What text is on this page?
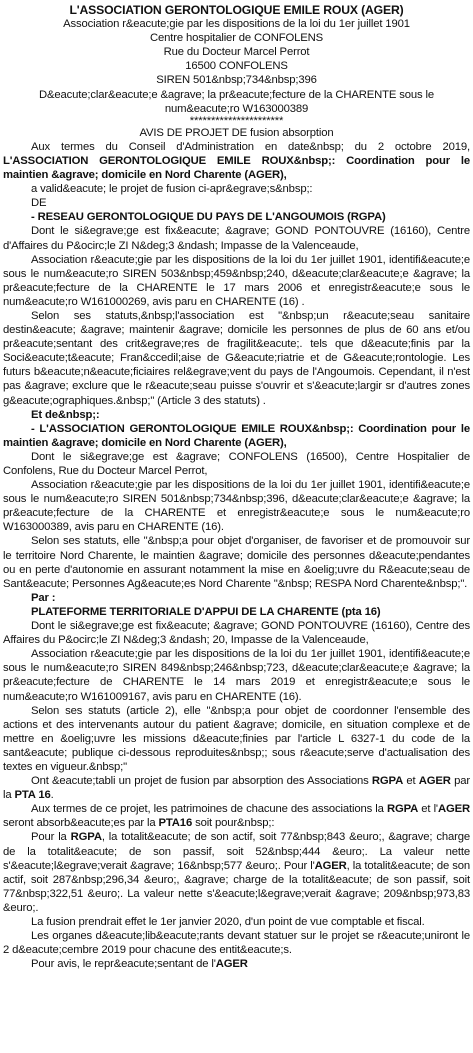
L'ASSOCIATION GERONTOLOGIQUE EMILE ROUX (AGER)

Association r&eacute;gie par les dispositions de la loi du 1er juillet 1901

Centre hospitalier de CONFOLENS

Rue du Docteur Marcel Perrot

16500 CONFOLENS

SIREN 501&nbsp;734&nbsp;396

D&eacute;clar&eacute;e &agrave; la pr&eacute;fecture de la CHARENTE sous le num&eacute;ro W163000389

**********************

AVIS DE PROJET DE fusion absorption

Aux termes du Conseil d'Administration en date&nbsp; du 2 octobre 2019, L'ASSOCIATION GERONTOLOGIQUE EMILE ROUX&nbsp;: Coordination pour le maintien &agrave; domicile en Nord Charente (AGER),

a valid&eacute; le projet de fusion ci-apr&egrave;s&nbsp;:

DE

- RESEAU GERONTOLOGIQUE DU PAYS DE L'ANGOUMOIS (RGPA)

Dont le si&egrave;ge est fix&eacute; &agrave; GOND PONTOUVRE (16160), Centre d'Affaires du P&ocirc;le ZI N&deg;3 &ndash; Impasse de la Valenceaude,

Association r&eacute;gie par les dispositions de la loi du 1er juillet 1901, identifi&eacute;e sous le num&eacute;ro SIREN 503&nbsp;459&nbsp;240, d&eacute;clar&eacute;e &agrave; la pr&eacute;fecture de la CHARENTE le 17 mars 2006 et enregistr&eacute;e sous le num&eacute;ro W161000269, avis paru en CHARENTE (16) .

Selon ses statuts,&nbsp;l'association est "&nbsp;un r&eacute;seau sanitaire destin&eacute; &agrave; maintenir &agrave; domicile les personnes de plus de 60 ans et/ou pr&eacute;sentant des crit&egrave;res de fragilit&eacute;. tels que d&eacute;finis par la Soci&eacute;t&eacute; Fran&ccedil;aise de G&eacute;riatrie et de G&eacute;rontologie. Les futurs b&eacute;n&eacute;ficiaires rel&egrave;vent du pays de l'Angoumois. Cependant, il n'est pas &agrave; exclure que le r&eacute;seau puisse s'ouvrir et s'&eacute;largir sr d'autres zones g&eacute;ographiques.&nbsp;" (Article 3 des statuts) .

Et de&nbsp;:

- L'ASSOCIATION GERONTOLOGIQUE EMILE ROUX&nbsp;: Coordination pour le maintien &agrave; domicile en Nord Charente (AGER),

Dont le si&egrave;ge est &agrave; CONFOLENS (16500), Centre Hospitalier de Confolens, Rue du Docteur Marcel Perrot,

Association r&eacute;gie par les dispositions de la loi du 1er juillet 1901, identifi&eacute;e sous le num&eacute;ro SIREN 501&nbsp;734&nbsp;396, d&eacute;clar&eacute;e &agrave; la pr&eacute;fecture de la CHARENTE et enregistr&eacute;e sous le num&eacute;ro W163000389, avis paru en CHARENTE (16).

Selon ses statuts, elle "&nbsp;a pour objet d'organiser, de favoriser et de promouvoir sur le territoire Nord Charente, le maintien &agrave; domicile des personnes d&eacute;pendantes ou en perte d'autonomie en assurant notamment la mise en &oelig;uvre du R&eacute;seau de Sant&eacute; Personnes Ag&eacute;es Nord Charente "&nbsp; RESPA Nord Charente&nbsp;".

Par :

PLATEFORME TERRITORIALE D'APPUI DE LA CHARENTE (pta 16)

Dont le si&egrave;ge est fix&eacute; &agrave; GOND PONTOUVRE (16160), Centre des Affaires du P&ocirc;le ZI N&deg;3 &ndash; 20, Impasse de la Valenceaude,

Association r&eacute;gie par les dispositions de la loi du 1er juillet 1901, identifi&eacute;e sous le num&eacute;ro SIREN 849&nbsp;246&nbsp;723, d&eacute;clar&eacute;e &agrave; la pr&eacute;fecture de CHARENTE le 14 mars 2019 et enregistr&eacute;e sous le num&eacute;ro W161009167, avis paru en CHARENTE (16).

Selon ses statuts (article 2), elle "&nbsp;a pour objet de coordonner l'ensemble des actions et des intervenants autour du patient &agrave; domicile, en situation complexe et de mettre en &oelig;uvre les missions d&eacute;finies par l'article L 6327-1 du code de la sant&eacute; publique ci-dessous reproduites&nbsp;; sous r&eacute;serve d'actualisation des textes en vigueur.&nbsp;"

Ont &eacute;tabli un projet de fusion par absorption des Associations RGPA et AGER par la PTA 16.

Aux termes de ce projet, les patrimoines de chacune des associations la RGPA et l'AGER seront absorb&eacute;es par la PTA16 soit pour&nbsp;:

Pour la RGPA, la totalit&eacute; de son actif, soit 77&nbsp;843 &euro;, &agrave; charge de la totalit&eacute; de son passif, soit 52&nbsp;444 &euro;. La valeur nette s'&eacute;l&egrave;verait &agrave; 16&nbsp;577 &euro;. Pour l'AGER, la totalit&eacute; de son actif, soit 287&nbsp;296,34 &euro;, &agrave; charge de la totalit&eacute; de son passif, soit 77&nbsp;322,51 &euro;. La valeur nette s'&eacute;l&egrave;verait &agrave; 209&nbsp;973,83 &euro;.

La fusion prendrait effet le 1er janvier 2020, d'un point de vue comptable et fiscal.

Les organes d&eacute;lib&eacute;rants devant statuer sur le projet se r&eacute;uniront le 2 d&eacute;cembre 2019 pour chacune des entit&eacute;s.

Pour avis, le repr&eacute;sentant de l'AGER
